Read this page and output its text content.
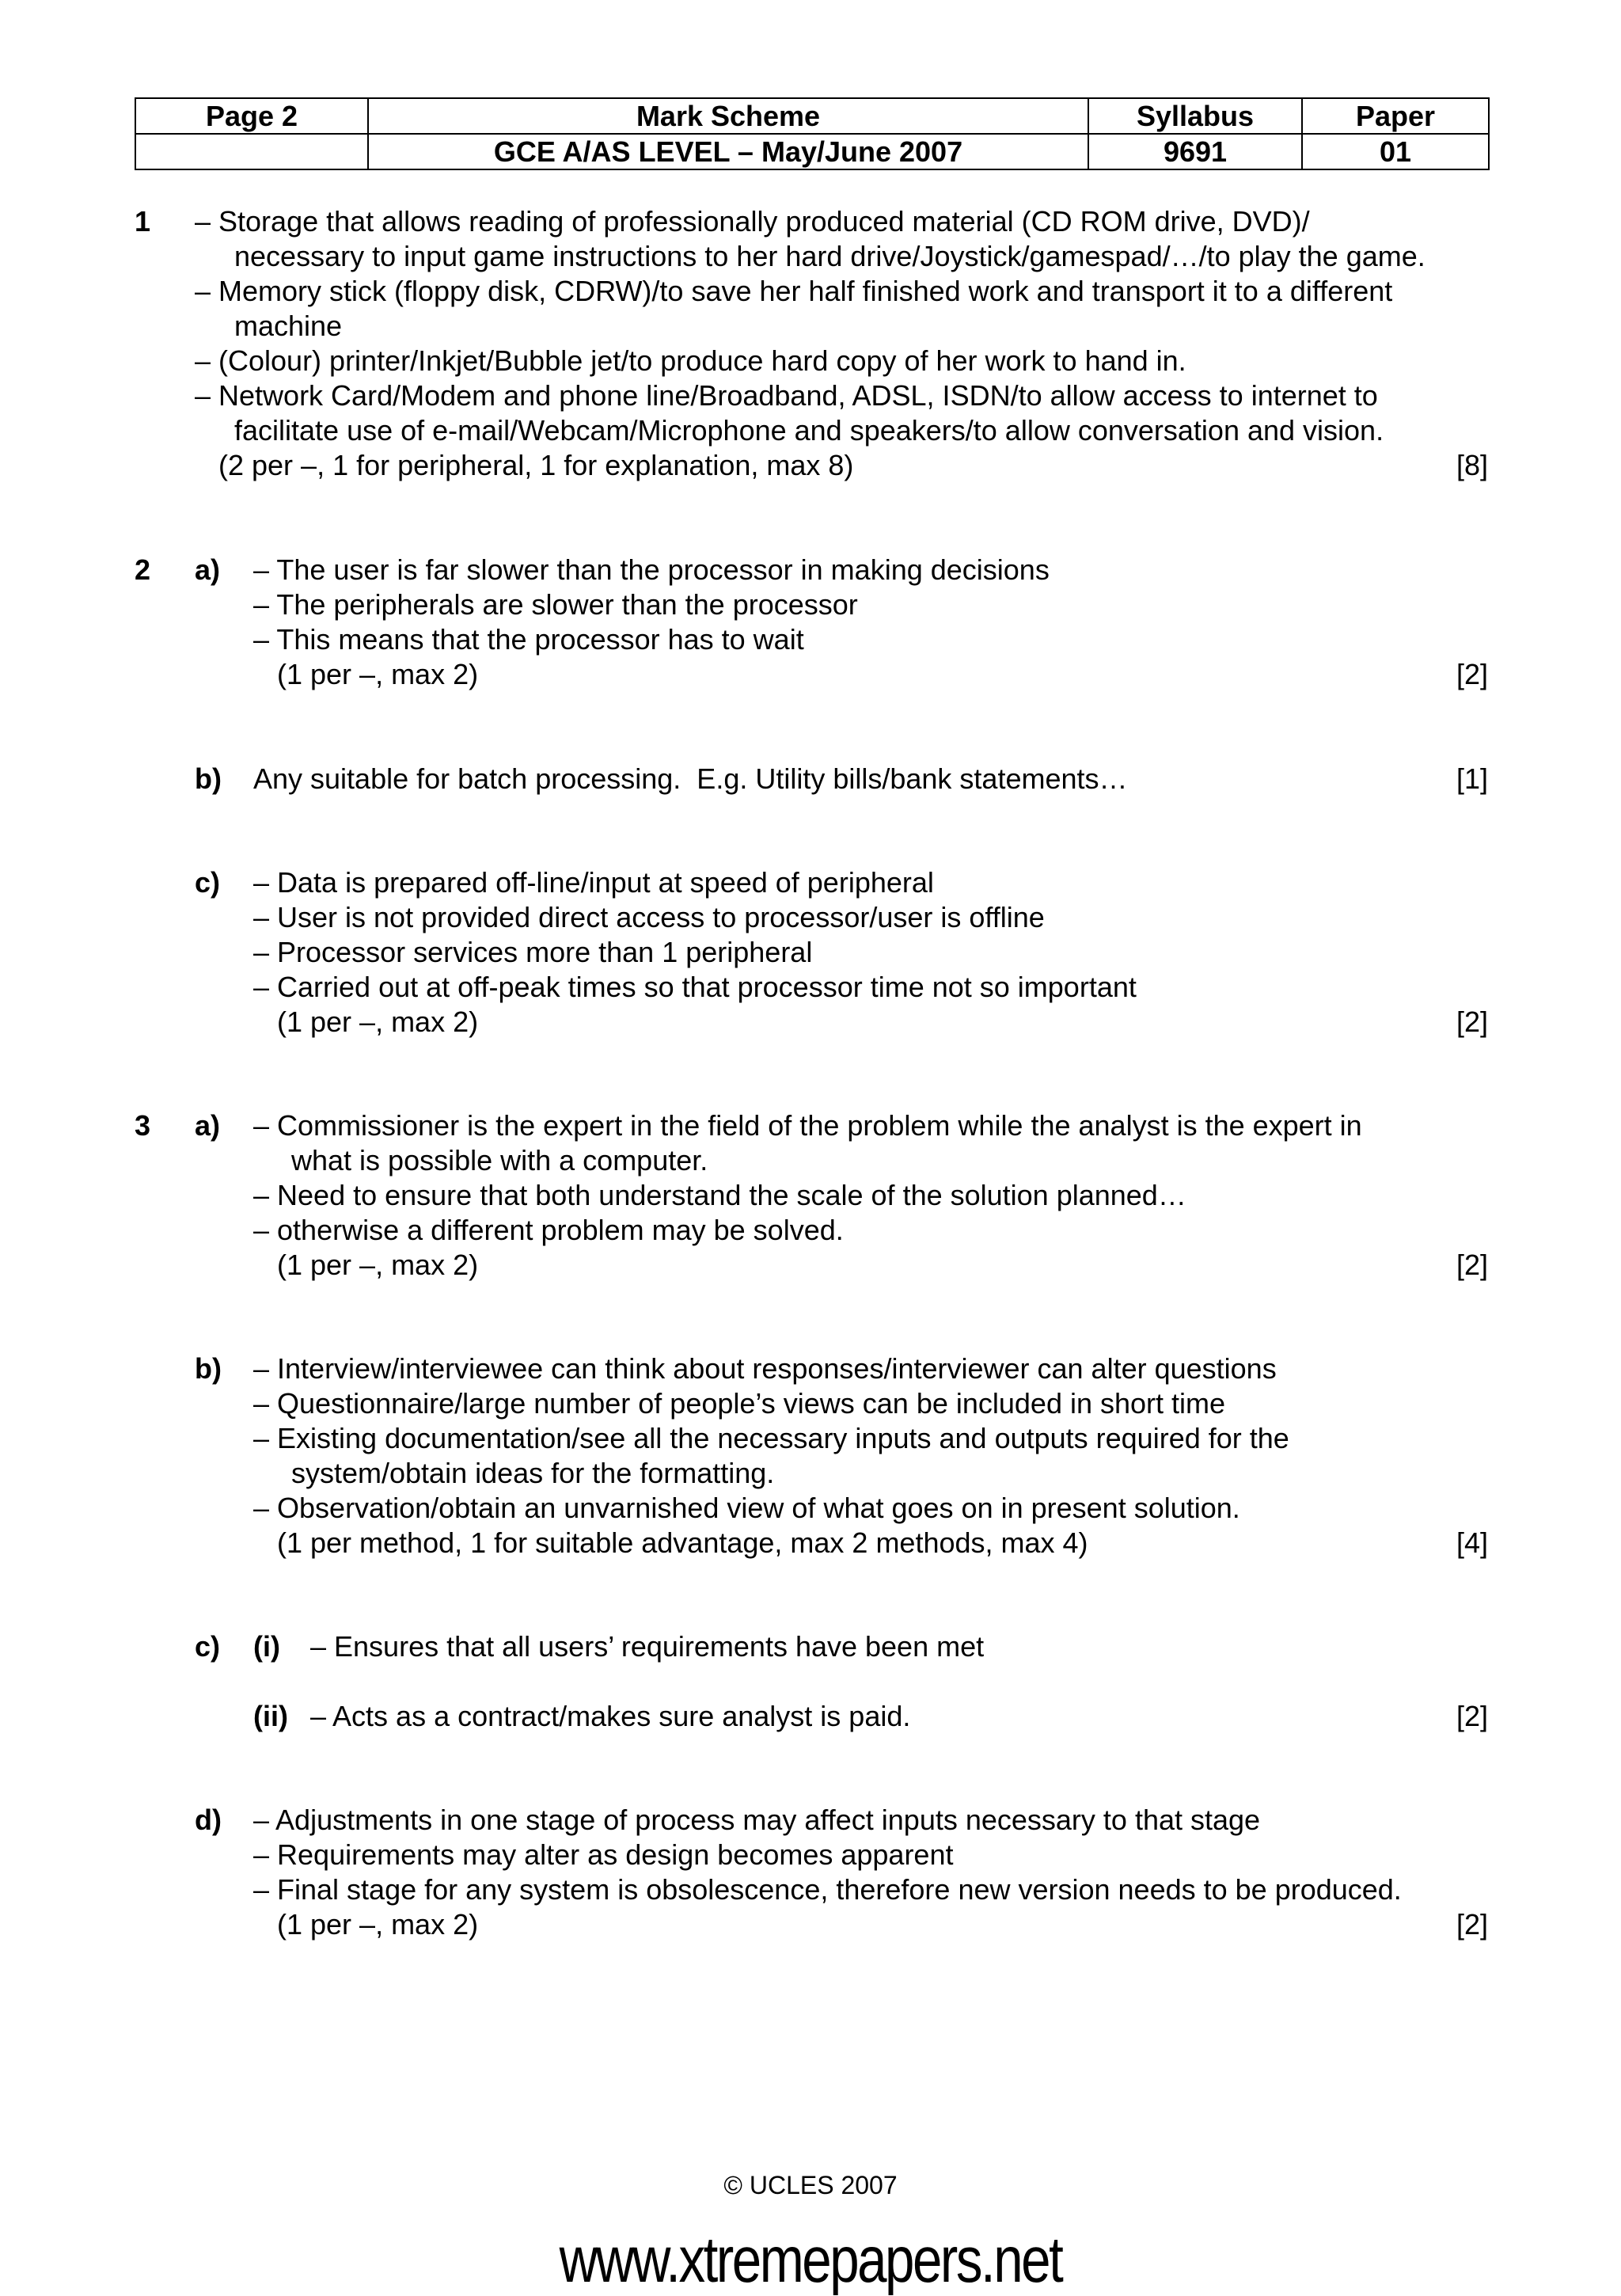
Page 2	Mark Scheme	Syllabus	Paper
	GCE A/AS LEVEL – May/June 2007	9691	01
1 – Storage that allows reading of professionally produced material (CD ROM drive, DVD)/
necessary to input game instructions to her hard drive/Joystick/gamespad/…/to play the game.
– Memory stick (floppy disk, CDRW)/to save her half finished work and transport it to a different
machine
– (Colour) printer/Inkjet/Bubble jet/to produce hard copy of her work to hand in.
– Network Card/Modem and phone line/Broadband, ADSL, ISDN/to allow access to internet to
facilitate use of e-mail/Webcam/Microphone and speakers/to allow conversation and vision.
(2 per –, 1 for peripheral, 1 for explanation, max 8)	[8]
2 a) – The user is far slower than the processor in making decisions
– The peripherals are slower than the processor
– This means that the processor has to wait
(1 per –, max 2)	[2]
b) Any suitable for batch processing.  E.g. Utility bills/bank statements…	[1]
c) – Data is prepared off-line/input at speed of peripheral
– User is not provided direct access to processor/user is offline
– Processor services more than 1 peripheral
– Carried out at off-peak times so that processor time not so important
(1 per –, max 2)	[2]
3 a) – Commissioner is the expert in the field of the problem while the analyst is the expert in
what is possible with a computer.
– Need to ensure that both understand the scale of the solution planned…
– otherwise a different problem may be solved.
(1 per –, max 2)	[2]
b) – Interview/interviewee can think about responses/interviewer can alter questions
– Questionnaire/large number of people’s views can be included in short time
– Existing documentation/see all the necessary inputs and outputs required for the
system/obtain ideas for the formatting.
– Observation/obtain an unvarnished view of what goes on in present solution.
(1 per method, 1 for suitable advantage, max 2 methods, max 4)	[4]
c) (i) – Ensures that all users’ requirements have been met
(ii) – Acts as a contract/makes sure analyst is paid.	[2]
d) – Adjustments in one stage of process may affect inputs necessary to that stage
– Requirements may alter as design becomes apparent
– Final stage for any system is obsolescence, therefore new version needs to be produced.
(1 per –, max 2)	[2]
© UCLES 2007
www.xtremepapers.net
